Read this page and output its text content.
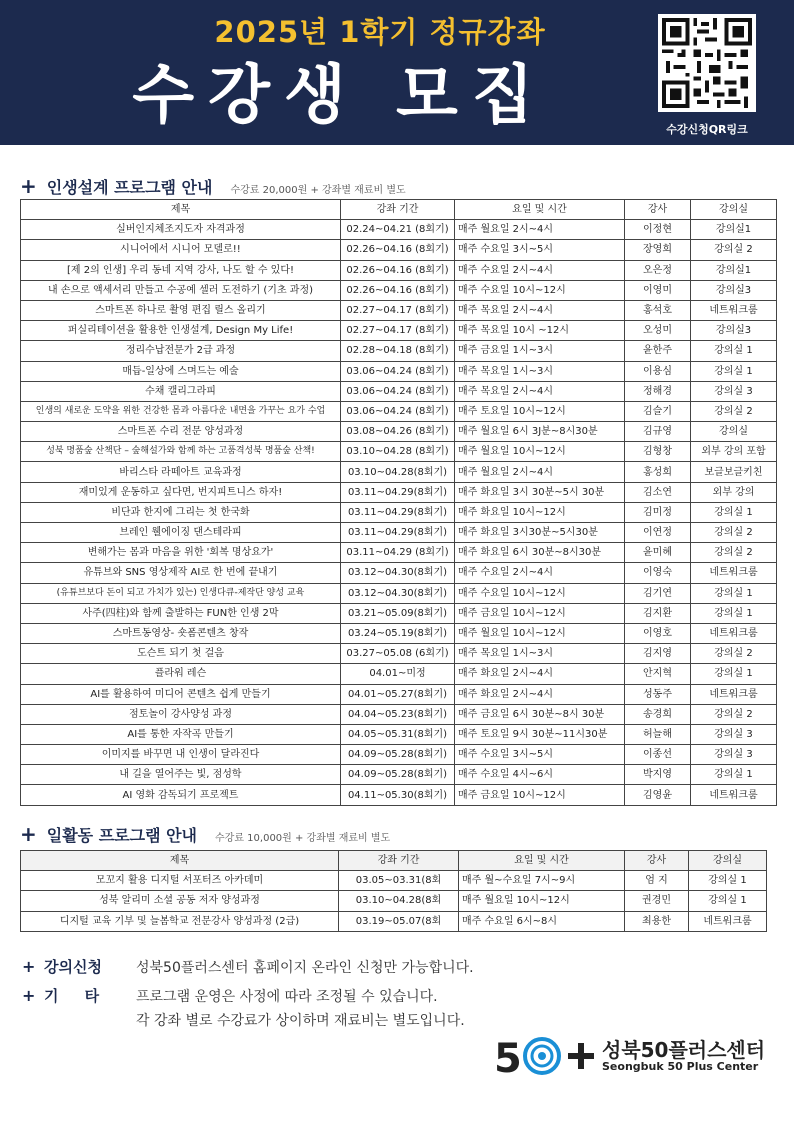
2025년 1학기 정규강좌
수강생 모집	수강신청QR링크
+ 인생설계 프로그램 안내 수강료 20,000원 + 강좌별 재료비 별도
제목	강좌 기간	요일 및 시간	강사	강의실
실버인지체조지도자 자격과정	02.24~04.21 (8회기)	매주 월요일 2시~4시	이정현	강의실1
시니어에서 시니어 모델로!!	02.26~04.16 (8회기)	매주 수요일 3시~5시	장영희	강의실 2
[제 2의 인생] 우리 동네 지역 강사, 나도 할 수 있다!	02.26~04.16 (8회기)	매주 수요일 2시~4시	오은정	강의실1
내 손으로 액세서리 만들고 수공예 셀러 도전하기 (기초 과정)	02.26~04.16 (8회기)	매주 수요일 10시~12시	이영미	강의실3
스마트폰 하나로 촬영 편집 릴스 올리기	02.27~04.17 (8회기)	매주 목요일 2시~4시	홍석호	네트워크룸
퍼실리테이션을 활용한 인생설계, Design My Life!	02.27~04.17 (8회기)	매주 목요일 10시 ~12시	오성미	강의실3
정리수납전문가 2급 과정	02.28~04.18 (8회기)	매주 금요일 1시~3시	윤한주	강의실 1
매듭-일상에 스며드는 예술	03.06~04.24 (8회기)	매주 목요일 1시~3시	이용심	강의실 1
수채 캘리그라피	03.06~04.24 (8회기)	매주 목요일 2시~4시	정해경	강의실 3
인생의 새로운 도약을 위한 건강한 몸과 아름다운 내면을 가꾸는 요가 수업	03.06~04.24 (8회기)	매주 토요일 10시~12시	김슬기	강의실 2
스마트폰 수리 전문 양성과정	03.08~04.26 (8회기)	매주 월요일 6시 3J분~8시30분	김규영	강의실
성북 명품숲 산책단 – 숲해설가와 함께 하는 고품격성북 명품숲 산책!	03.10~04.28 (8회기)	매주 월요일 10시~12시	김형창	외부 강의 포함
바리스타 라떼아트 교육과정	03.10~04.28(8회기)	매주 월요일 2시~4시	홍성희	보글보글키친
재미있게 운동하고 싶다면, 번지피트니스 하자!	03.11~04.29(8회기)	매주 화요일 3시 30분~5시 30분	김소연	외부 강의
비단과 한지에 그리는 첫 한국화	03.11~04.29(8회기)	매주 화요일 10시~12시	김미정	강의실 1
브레인 웰에이징 댄스테라피	03.11~04.29(8회기)	매주 화요일 3시30분~5시30분	이연정	강의실 2
변해가는 몸과 마음을 위한 '회복 명상요가'	03.11~04.29 (8회기)	매주 화요일 6시 30분~8시30분	윤미혜	강의실 2
유튜브와 SNS 영상제작 AI로 한 번에 끝내기	03.12~04.30(8회기)	매주 수요일 2시~4시	이영숙	네트워크룸
(유튜브보다 돈이 되고 가치가 있는) 인생다큐-제작단 양성 교육	03.12~04.30(8회기)	매주 수요일 10시~12시	김기연	강의실 1
사주(四柱)와 함께 출발하는 FUN한 인생 2막	03.21~05.09(8회기)	매주 금요일 10시~12시	김지환	강의실 1
스마트동영상- 숏폼콘텐츠 창작	03.24~05.19(8회기)	매주 월요일 10시~12시	이영호	네트워크룸
도슨트 되기 첫 걸음	03.27~05.08 (6회기)	매주 목요일 1시~3시	김지영	강의실 2
플라워 레슨	04.01~미정	매주 화요일 2시~4시	안지혁	강의실 1
AI를 활용하여 미디어 콘텐츠 쉽게 만들기	04.01~05.27(8회기)	매주 화요일 2시~4시	성동주	네트워크룸
점토놀이 강사양성 과정	04.04~05.23(8회기)	매주 금요일 6시 30분~8시 30분	송경희	강의실 2
AI를 통한 자작곡 만들기	04.05~05.31(8회기)	매주 토요일 9시 30분~11시30분	허늘해	강의실 3
이미지를 바꾸면 내 인생이 달라진다	04.09~05.28(8회기)	매주 수요일 3시~5시	이종선	강의실 3
내 길을 열어주는 빛, 점성학	04.09~05.28(8회기)	매주 수요일 4시~6시	박지영	강의실 1
AI 영화 감독되기 프로젝트	04.11~05.30(8회기)	매주 금요일 10시~12시	김영윤	네트워크룸
+ 일활동 프로그램 안내 수강료 10,000원 + 강좌별 재료비 별도
제목	강좌 기간	요일 및 시간	강사	강의실
모꼬지 활용 디지털 서포터즈 아카데미	03.05~03.31(8회	매주 월~수요일 7시~9시	엄 지	강의실 1
성북 알리미 소셜 공동 저자 양성과정	03.10~04.28(8회	매주 월요일 10시~12시	권경민	강의실 1
디지털 교육 기부 및 늘봄학교 전문강사 양성과정 (2급)	03.19~05.07(8회	매주 수요일 6시~8시	최용한	네트워크룸
+ 강의신청 성북50플러스센터 홈페이지 온라인 신청만 가능합니다.
+ 기     타	프로그램 운영은 사정에 따라 조정될 수 있습니다.
각 강좌 별로 수강료가 상이하며 재료비는 별도입니다.
5	성북50플러스센터
Seongbuk 50 Plus Center
